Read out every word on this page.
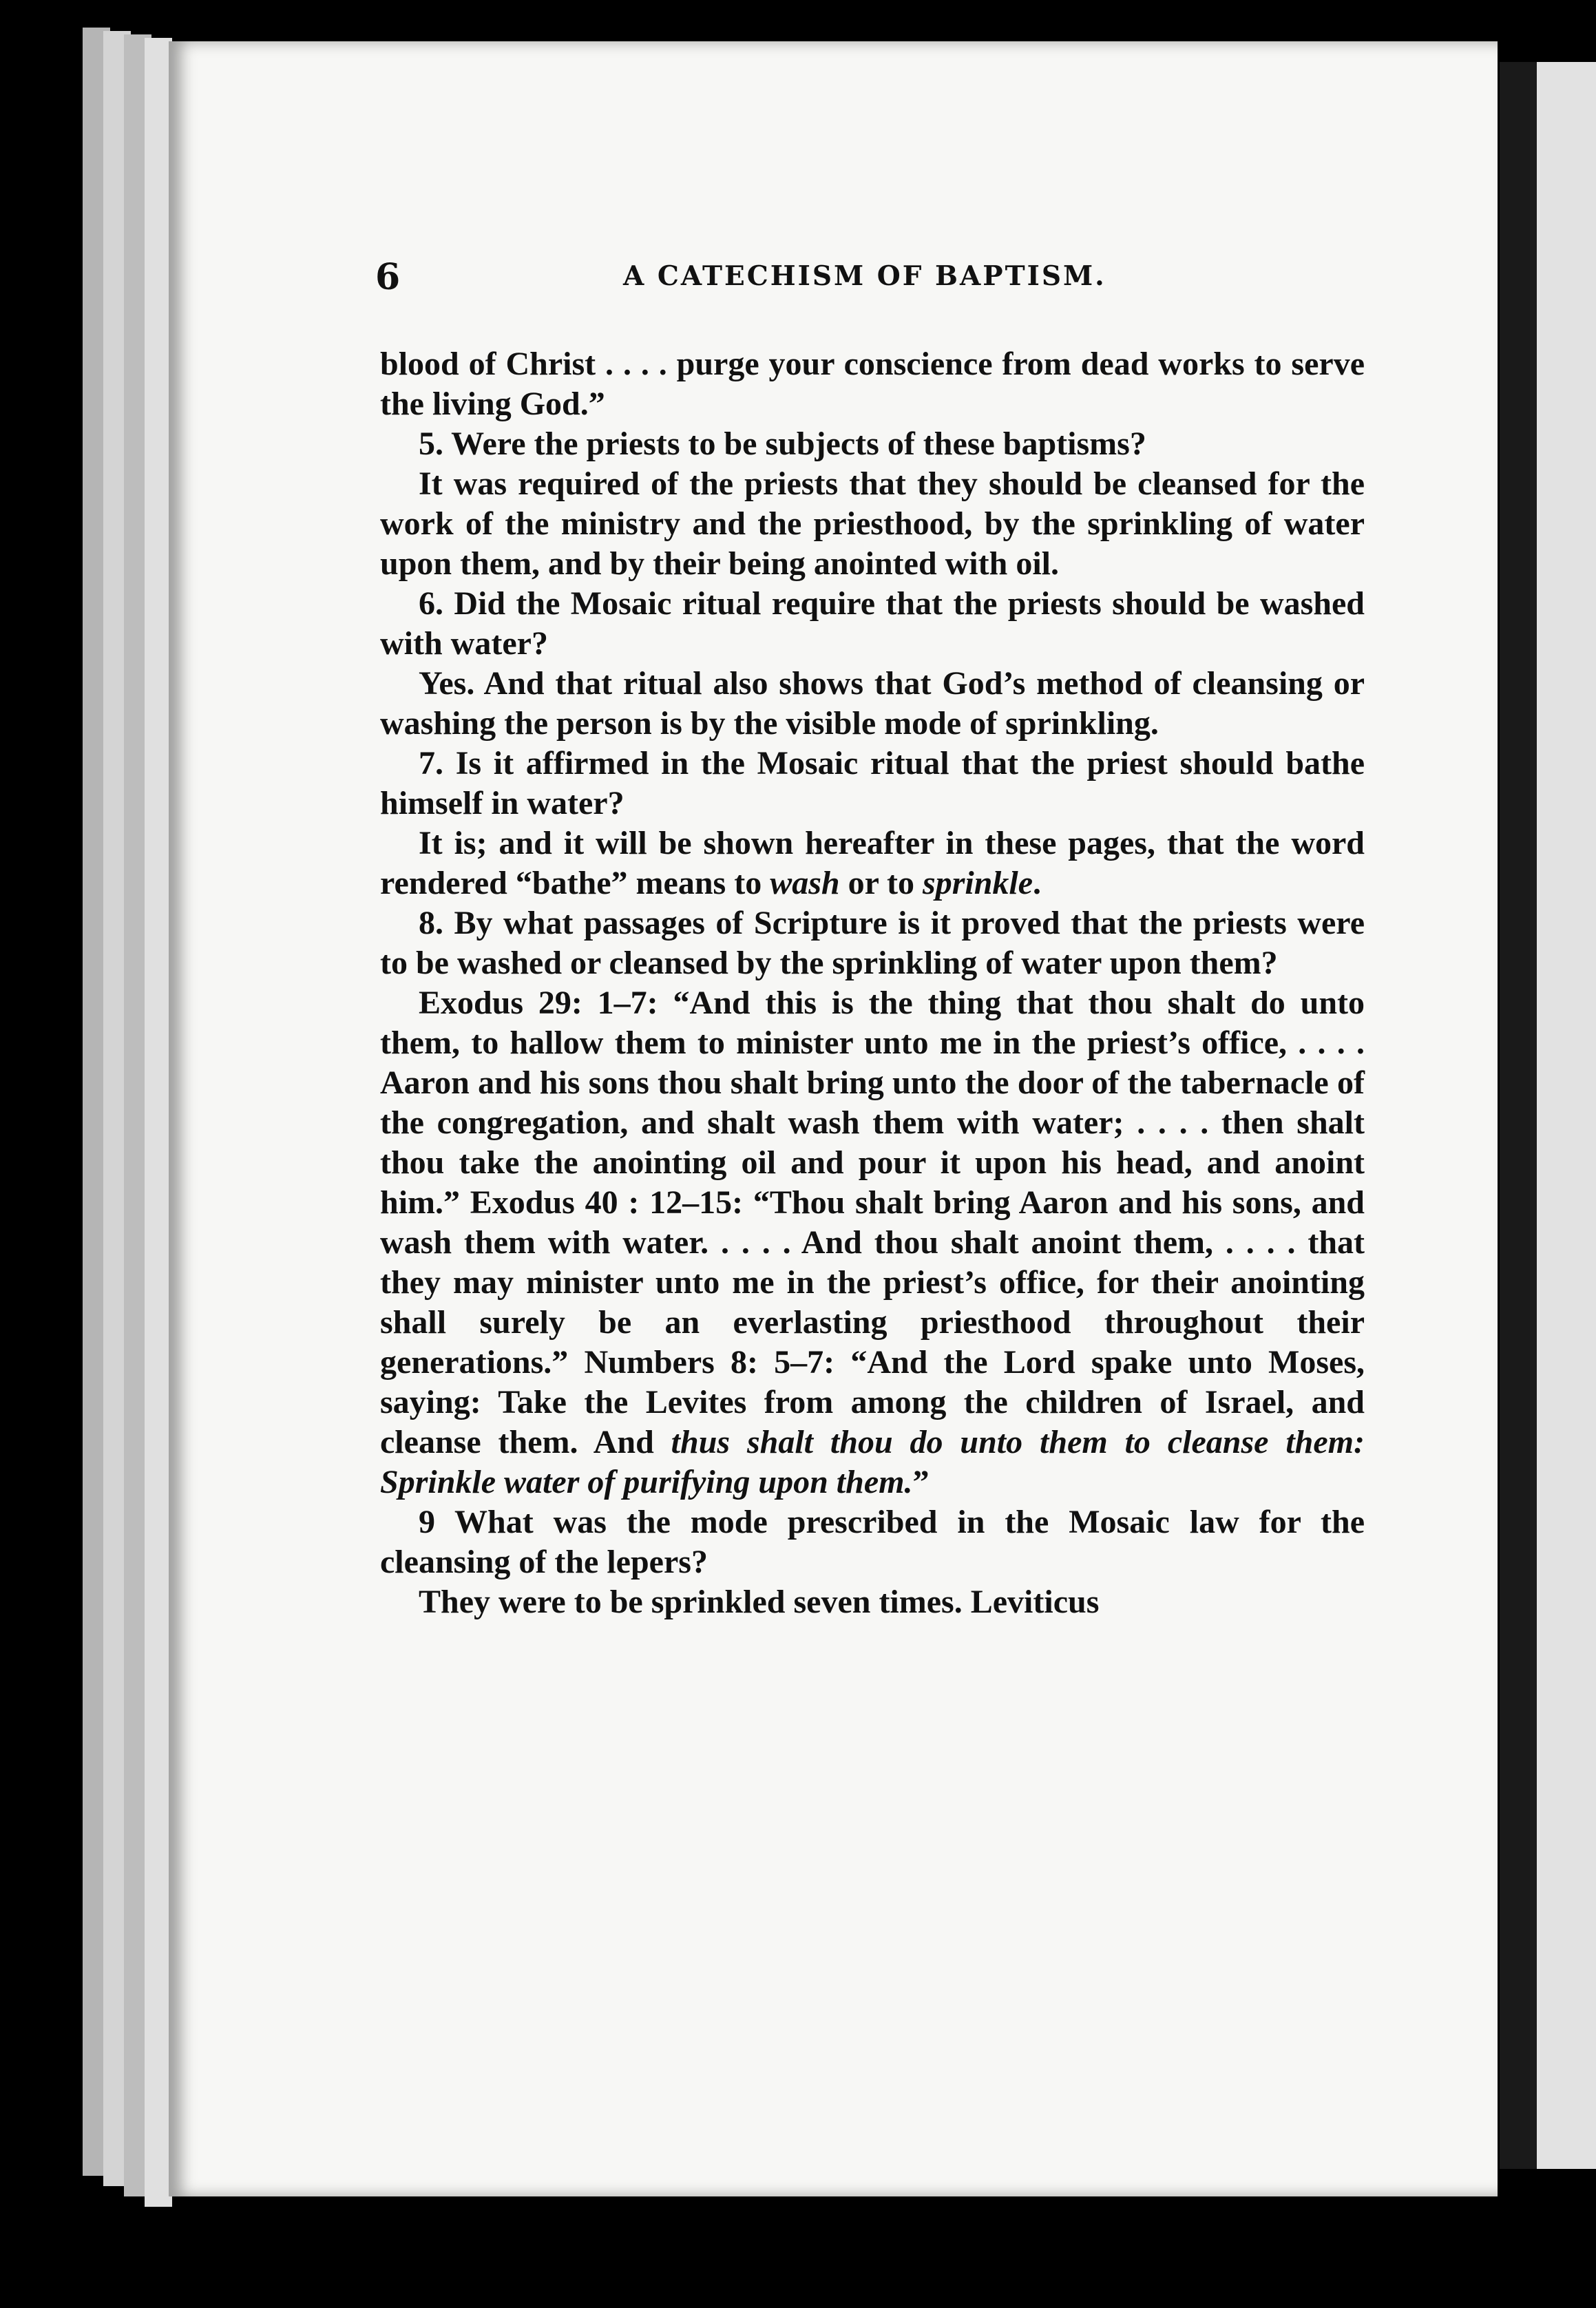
6	A CATECHISM OF BAPTISM.

blood of Christ . . . . purge your conscience from dead works to serve the living God.”

5. Were the priests to be subjects of these baptisms?

It was required of the priests that they should be cleansed for the work of the ministry and the priesthood, by the sprinkling of water upon them, and by their being anointed with oil.

6. Did the Mosaic ritual require that the priests should be washed with water?

Yes. And that ritual also shows that God’s method of cleansing or washing the person is by the visible mode of sprinkling.

7. Is it affirmed in the Mosaic ritual that the priest should bathe himself in water?

It is; and it will be shown hereafter in these pages, that the word rendered “bathe” means to wash or to sprinkle.

8. By what passages of Scripture is it proved that the priests were to be washed or cleansed by the sprinkling of water upon them?

Exodus 29: 1–7: “And this is the thing that thou shalt do unto them, to hallow them to minister unto me in the priest’s office, . . . . Aaron and his sons thou shalt bring unto the door of the tabernacle of the congregation, and shalt wash them with water; . . . . then shalt thou take the anointing oil and pour it upon his head, and anoint him.” Exodus 40 : 12–15: “Thou shalt bring Aaron and his sons, and wash them with water. . . . . And thou shalt anoint them, . . . . that they may minister unto me in the priest’s office, for their anointing shall surely be an everlasting priesthood throughout their generations.” Numbers 8: 5–7: “And the Lord spake unto Moses, saying: Take the Levites from among the children of Israel, and cleanse them. And thus shalt thou do unto them to cleanse them: Sprinkle water of purifying upon them.”

9 What was the mode prescribed in the Mosaic law for the cleansing of the lepers?

They were to be sprinkled seven times. Leviticus
